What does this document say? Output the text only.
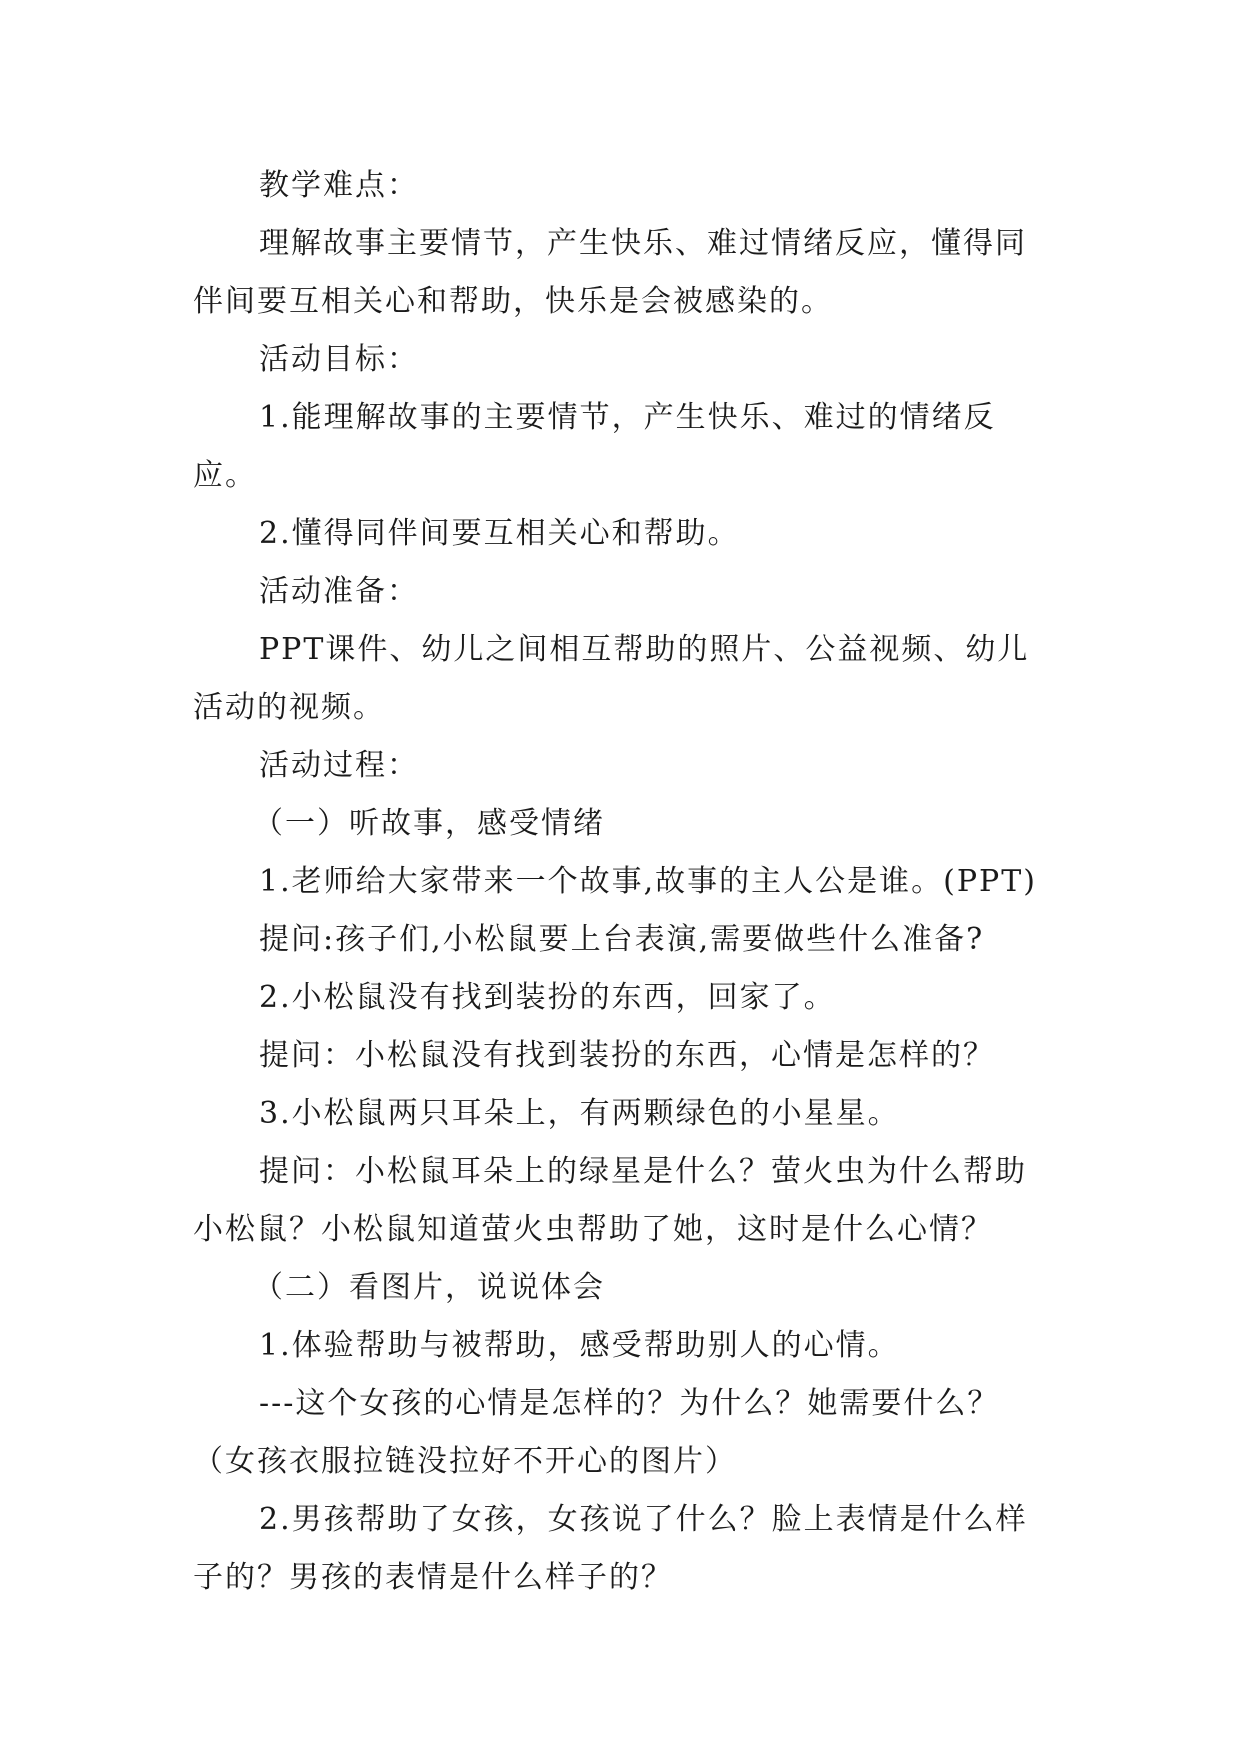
教学难点：

理解故事主要情节，产生快乐、难过情绪反应，懂得同伴间要互相关心和帮助，快乐是会被感染的。

活动目标：

1.能理解故事的主要情节，产生快乐、难过的情绪反应。

2.懂得同伴间要互相关心和帮助。

活动准备：

PPT课件、幼儿之间相互帮助的照片、公益视频、幼儿活动的视频。

活动过程：

（一）听故事，感受情绪

1.老师给大家带来一个故事,故事的主人公是谁。(PPT)

提问:孩子们,小松鼠要上台表演,需要做些什么准备?

2.小松鼠没有找到装扮的东西，回家了。

提问：小松鼠没有找到装扮的东西，心情是怎样的？

3.小松鼠两只耳朵上，有两颗绿色的小星星。

提问：小松鼠耳朵上的绿星是什么？萤火虫为什么帮助小松鼠？小松鼠知道萤火虫帮助了她，这时是什么心情？

（二）看图片，说说体会

1.体验帮助与被帮助，感受帮助别人的心情。

---这个女孩的心情是怎样的？为什么？她需要什么？（女孩衣服拉链没拉好不开心的图片）

2.男孩帮助了女孩，女孩说了什么？脸上表情是什么样子的？男孩的表情是什么样子的？
